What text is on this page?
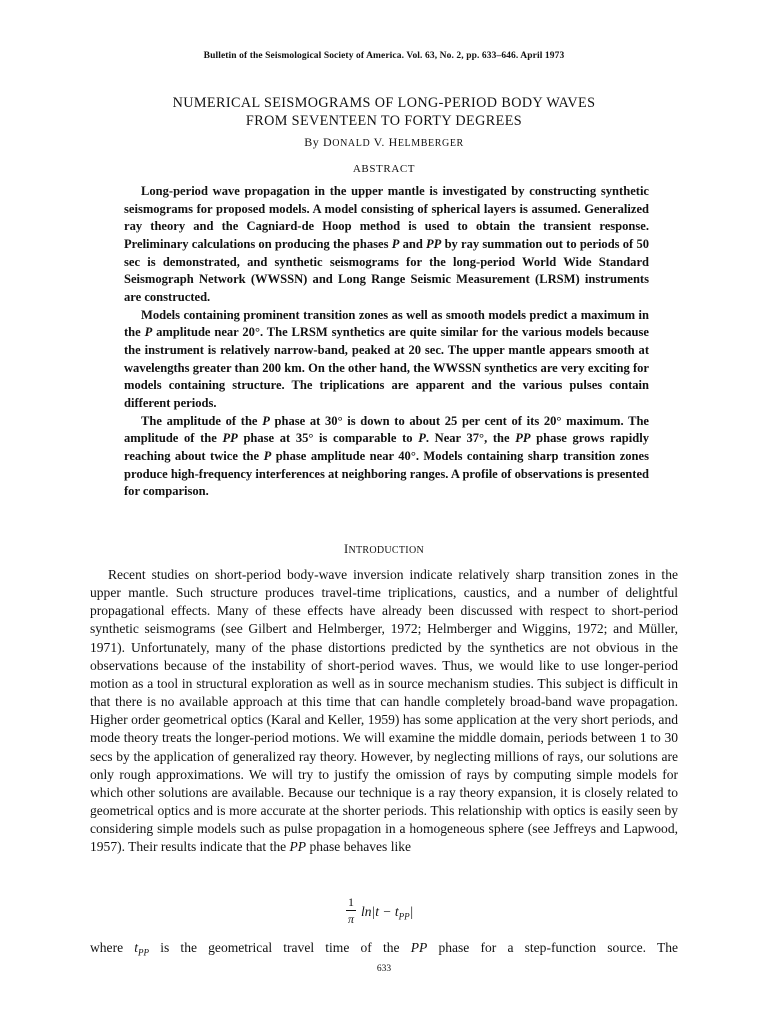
Bulletin of the Seismological Society of America. Vol. 63, No. 2, pp. 633–646. April 1973
NUMERICAL SEISMOGRAMS OF LONG-PERIOD BODY WAVES
FROM SEVENTEEN TO FORTY DEGREES
By DONALD V. HELMBERGER
ABSTRACT

Long-period wave propagation in the upper mantle is investigated by constructing synthetic seismograms for proposed models. A model consisting of spherical layers is assumed. Generalized ray theory and the Cagniard-de Hoop method is used to obtain the transient response. Preliminary calculations on producing the phases P and PP by ray summation out to periods of 50 sec is demonstrated, and synthetic seismograms for the long-period World Wide Standard Seismograph Network (WWSSN) and Long Range Seismic Measurement (LRSM) instruments are constructed.

Models containing prominent transition zones as well as smooth models predict a maximum in the P amplitude near 20°. The LRSM synthetics are quite similar for the various models because the instrument is relatively narrow-band, peaked at 20 sec. The upper mantle appears smooth at wavelengths greater than 200 km. On the other hand, the WWSSN synthetics are very exciting for models containing structure. The triplications are apparent and the various pulses contain different periods.

The amplitude of the P phase at 30° is down to about 25 per cent of its 20° maximum. The amplitude of the PP phase at 35° is comparable to P. Near 37°, the PP phase grows rapidly reaching about twice the P phase amplitude near 40°. Models containing sharp transition zones produce high-frequency interferences at neighboring ranges. A profile of observations is presented for comparison.

INTRODUCTION

Recent studies on short-period body-wave inversion indicate relatively sharp transition zones in the upper mantle. Such structure produces travel-time triplications, caustics, and a number of delightful propagational effects. Many of these effects have already been discussed with respect to short-period synthetic seismograms (see Gilbert and Helmberger, 1972; Helmberger and Wiggins, 1972; and Müller, 1971). Unfortunately, many of the phase distortions predicted by the synthetics are not obvious in the observations because of the instability of short-period waves. Thus, we would like to use longer-period motion as a tool in structural exploration as well as in source mechanism studies. This subject is difficult in that there is no available approach at this time that can handle completely broad-band wave propagation. Higher order geometrical optics (Karal and Keller, 1959) has some application at the very short periods, and mode theory treats the longer-period motions. We will examine the middle domain, periods between 1 to 30 secs by the application of generalized ray theory. However, by neglecting millions of rays, our solutions are only rough approximations. We will try to justify the omission of rays by computing simple models for which other solutions are available. Because our technique is a ray theory expansion, it is closely related to geometrical optics and is more accurate at the shorter periods. This relationship with optics is easily seen by considering simple models such as pulse propagation in a homogeneous sphere (see Jeffreys and Lapwood, 1957). Their results indicate that the PP phase behaves like

1
π $\ln|t - t_{PP}|$
where $t_{PP}$ is the geometrical travel time of the PP phase for a step-function source. The
633
